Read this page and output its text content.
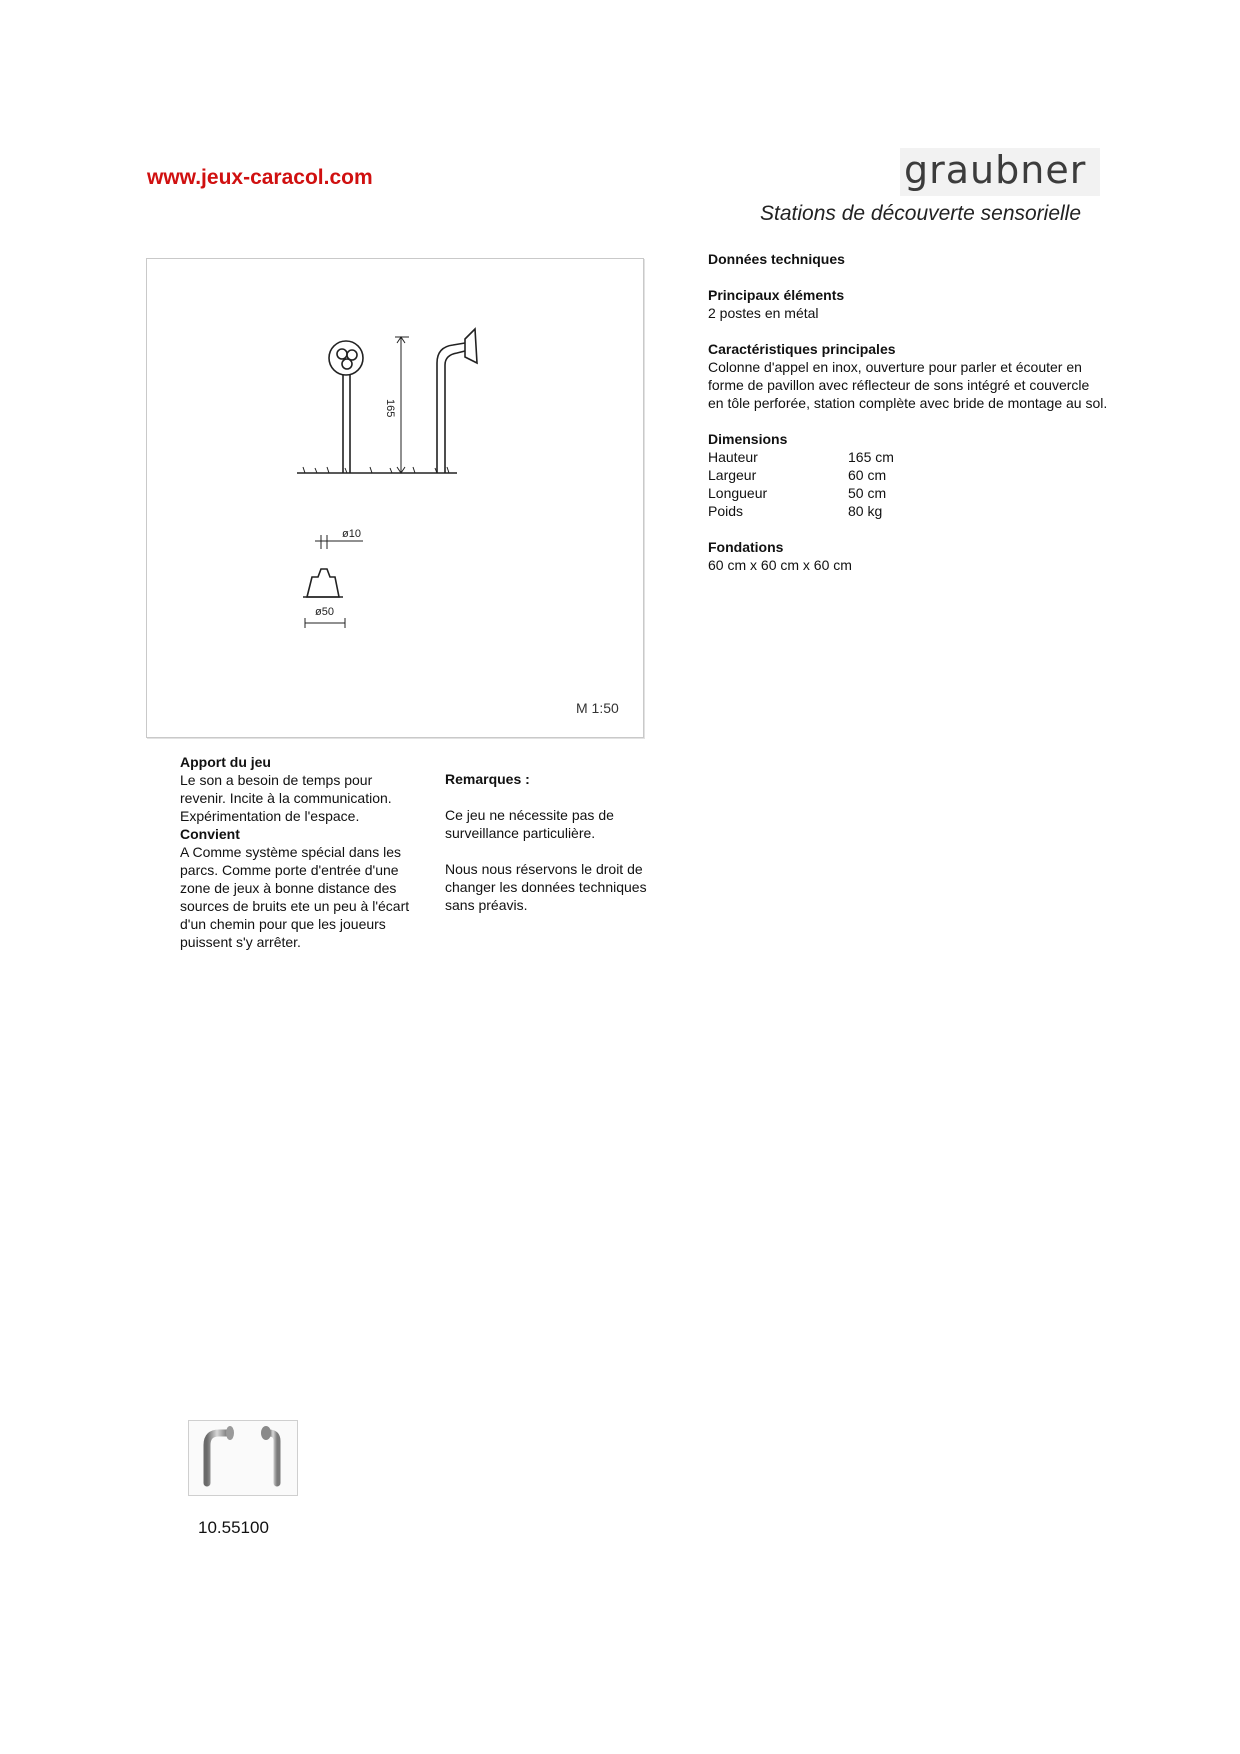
www.jeux-caracol.com	graubner
Stations de découverte sensorielle
165
ø10
ø50
M 1:50
Données techniques
Principaux éléments

2 postes en métal

Caractéristiques principales

Colonne d'appel en inox, ouverture pour parler et écouter en forme de pavillon avec réflecteur de sons intégré et couvercle en tôle perforée, station complète avec bride de montage au sol.

Dimensions
Hauteur	165 cm
Largeur	60 cm
Longueur	50 cm
Poids	80 kg
Fondations

60 cm x 60 cm x 60 cm

Apport du jeu

Le son a besoin de temps pour revenir. Incite à la communication. Expérimentation de l'espace.

Convient

A Comme système spécial dans les parcs. Comme porte d'entrée d'une zone de jeux à bonne distance des sources de bruits ete un peu à l'écart d'un chemin pour que les joueurs puissent s'y arrêter.

Remarques :

Ce jeu ne nécessite pas de surveillance particulière.

Nous nous réservons le droit de changer les données techniques sans préavis.

10.55100
